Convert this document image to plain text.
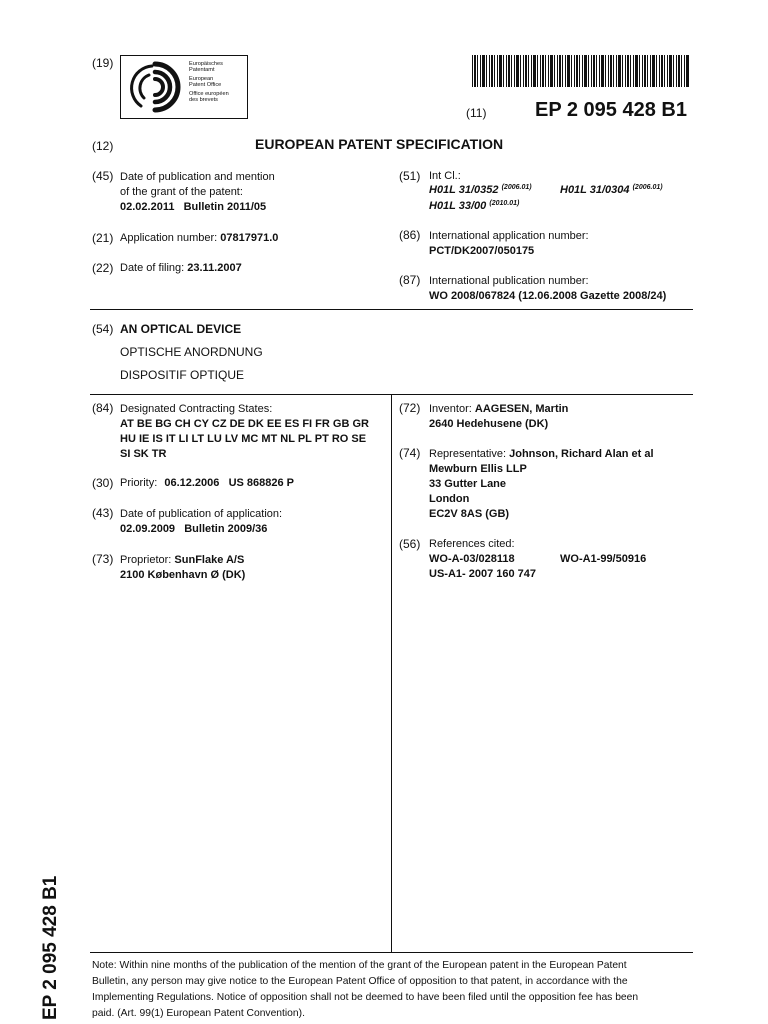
(19)	Europäisches
Patentamt
European
Patent Office
Office européen
des brevets
(11) EP 2 095 428 B1
(12)	EUROPEAN PATENT SPECIFICATION
(45) Date of publication and mention
of the grant of the patent:
02.02.2011   Bulletin 2011/05
(21) Application number: 07817971.0
(22) Date of filing: 23.11.2007
(51) Int Cl.:
H01L 31/0352 $^{(2006.01)}$	H01L 31/0304 $^{(2006.01)}$
H01L 33/00 $^{(2010.01)}$
(86) International application number:
PCT/DK2007/050175
(87) International publication number:
WO 2008/067824 (12.06.2008 Gazette 2008/24)
(54) AN OPTICAL DEVICE
OPTISCHE ANORDNUNG
DISPOSITIF OPTIQUE
(84) Designated Contracting States:
AT BE BG CH CY CZ DE DK EE ES FI FR GB GR
HU IE IS IT LI LT LU LV MC MT NL PL PT RO SE
SI SK TR
(30) Priority: 06.12.2006   US 868826 P
(43) Date of publication of application:
02.09.2009   Bulletin 2009/36
(73) Proprietor: SunFlake A/S
2100 København Ø (DK)
(72) Inventor: AAGESEN, Martin
2640 Hedehusene (DK)
(74) Representative: Johnson, Richard Alan et al
Mewburn Ellis LLP
33 Gutter Lane
London
EC2V 8AS (GB)
(56) References cited:
WO-A-03/028118	WO-A1-99/50916
US-A1- 2007 160 747
Note: Within nine months of the publication of the mention of the grant of the European patent in the European Patent
Bulletin, any person may give notice to the European Patent Office of opposition to that patent, in accordance with the
Implementing Regulations. Notice of opposition shall not be deemed to have been filed until the opposition fee has been
paid. (Art. 99(1) European Patent Convention).
EP 2 095 428 B1
